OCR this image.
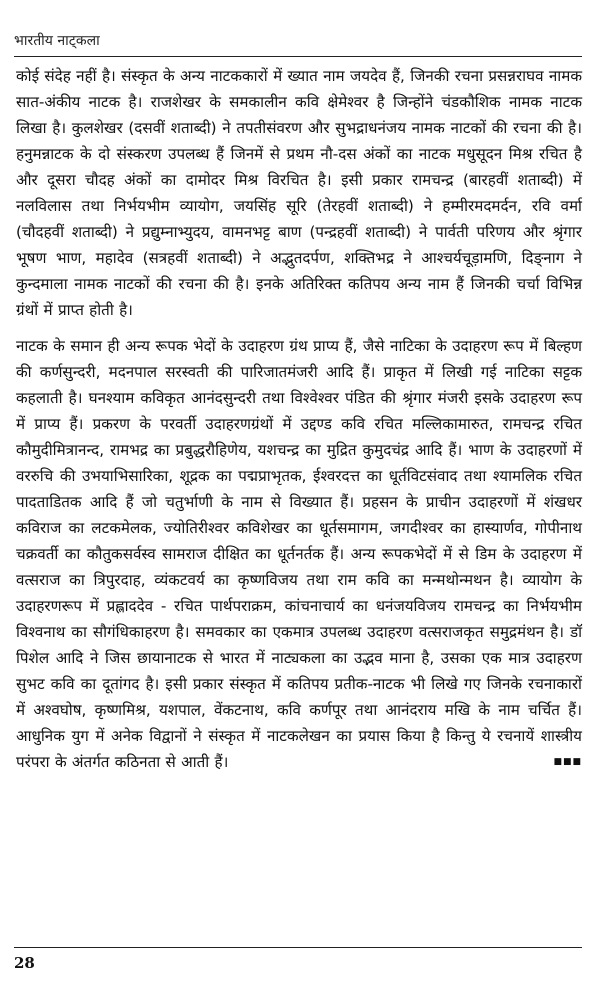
भारतीय नाट्कला

कोई संदेह नहीं है। संस्कृत के अन्य नाटककारों में ख्यात नाम जयदेव हैं, जिनकी रचना प्रसन्नराघव नामक सात-अंकीय नाटक है। राजशेखर के समकालीन कवि क्षेमेश्वर है जिन्होंने चंडकौशिक नामक नाटक लिखा है। कुलशेखर (दसवीं शताब्दी) ने तपतीसंवरण और सुभद्राधनंजय नामक नाटकों की रचना की है। हनुमन्नाटक के दो संस्करण उपलब्ध हैं जिनमें से प्रथम नौ-दस अंकों का नाटक मधुसूदन मिश्र रचित है और दूसरा चौदह अंकों का दामोदर मिश्र विरचित है। इसी प्रकार रामचन्द्र (बारहवीं शताब्दी) में नलविलास तथा निर्भयभीम व्यायोग, जयसिंह सूरि (तेरहवीं शताब्दी) ने हम्मीरमदमर्दन, रवि वर्मा (चौदहवीं शताब्दी) ने प्रद्युम्नाभ्युदय, वामनभट्ट बाण (पन्द्रहवीं शताब्दी) ने पार्वती परिणय और श्रृंगार भूषण भाण, महादेव (सत्रहवीं शताब्दी) ने अद्भुतदर्पण, शक्तिभद्र ने आश्चर्यचूड़ामणि, दिङ्नाग ने कुन्दमाला नामक नाटकों की रचना की है। इनके अतिरिक्त कतिपय अन्य नाम हैं जिनकी चर्चा विभिन्न ग्रंथों में प्राप्त होती है।

नाटक के समान ही अन्य रूपक भेदों के उदाहरण ग्रंथ प्राप्य हैं, जैसे नाटिका के उदाहरण रूप में बिल्हण की कर्णसुन्दरी, मदनपाल सरस्वती की पारिजातमंजरी आदि हैं। प्राकृत में लिखी गई नाटिका सट्टक कहलाती है। घनश्याम कविकृत आनंदसुन्दरी तथा विश्वेश्वर पंडित की श्रृंगार मंजरी इसके उदाहरण रूप में प्राप्य हैं। प्रकरण के परवर्ती उदाहरणग्रंथों में उद्दण्ड कवि रचित मल्लिकामारुत, रामचन्द्र रचित कौमुदीमित्रानन्द, रामभद्र का प्रबुद्धरौहिणेय, यशचन्द्र का मुद्रित कुमुदचंद्र आदि हैं। भाण के उदाहरणों में वररुचि की उभयाभिसारिका, शूद्रक का पद्मप्राभृतक, ईश्वरदत्त का धूर्तविटसंवाद तथा श्यामलिक रचित पादताडितक आदि हैं जो चतुर्भाणी के नाम से विख्यात हैं। प्रहसन के प्राचीन उदाहरणों में शंखधर कविराज का लटकमेलक, ज्योतिरीश्वर कविशेखर का धूर्तसमागम, जगदीश्वर का हास्यार्णव, गोपीनाथ चक्रवर्ती का कौतुकसर्वस्व सामराज दीक्षित का धूर्तनर्तक हैं। अन्य रूपकभेदों में से डिम के उदाहरण में वत्सराज का त्रिपुरदाह, व्यंकटवर्य का कृष्णविजय तथा राम कवि का मन्मथोन्मथन है। व्यायोग के उदाहरणरूप में प्रह्लाददेव - रचित पार्थपराक्रम, कांचनाचार्य का धनंजयविजय रामचन्द्र का निर्भयभीम विश्वनाथ का सौगंधिकाहरण है। समवकार का एकमात्र उपलब्ध उदाहरण वत्सराजकृत समुद्रमंथन है। डॉ पिशेल आदि ने जिस छायानाटक से भारत में नाट्यकला का उद्भव माना है, उसका एक मात्र उदाहरण सुभट कवि का दूतांगद है। इसी प्रकार संस्कृत में कतिपय प्रतीक-नाटक भी लिखे गए जिनके रचनाकारों में अश्वघोष, कृष्णमिश्र, यशपाल, वेंकटनाथ, कवि कर्णपूर तथा आनंदराय मखि के नाम चर्चित हैं। आधुनिक युग में अनेक विद्वानों ने संस्कृत में नाटकलेखन का प्रयास किया है किन्तु ये रचनायें शास्त्रीय परंपरा के अंतर्गत कठिनता से आती हैं।	■■■

28
